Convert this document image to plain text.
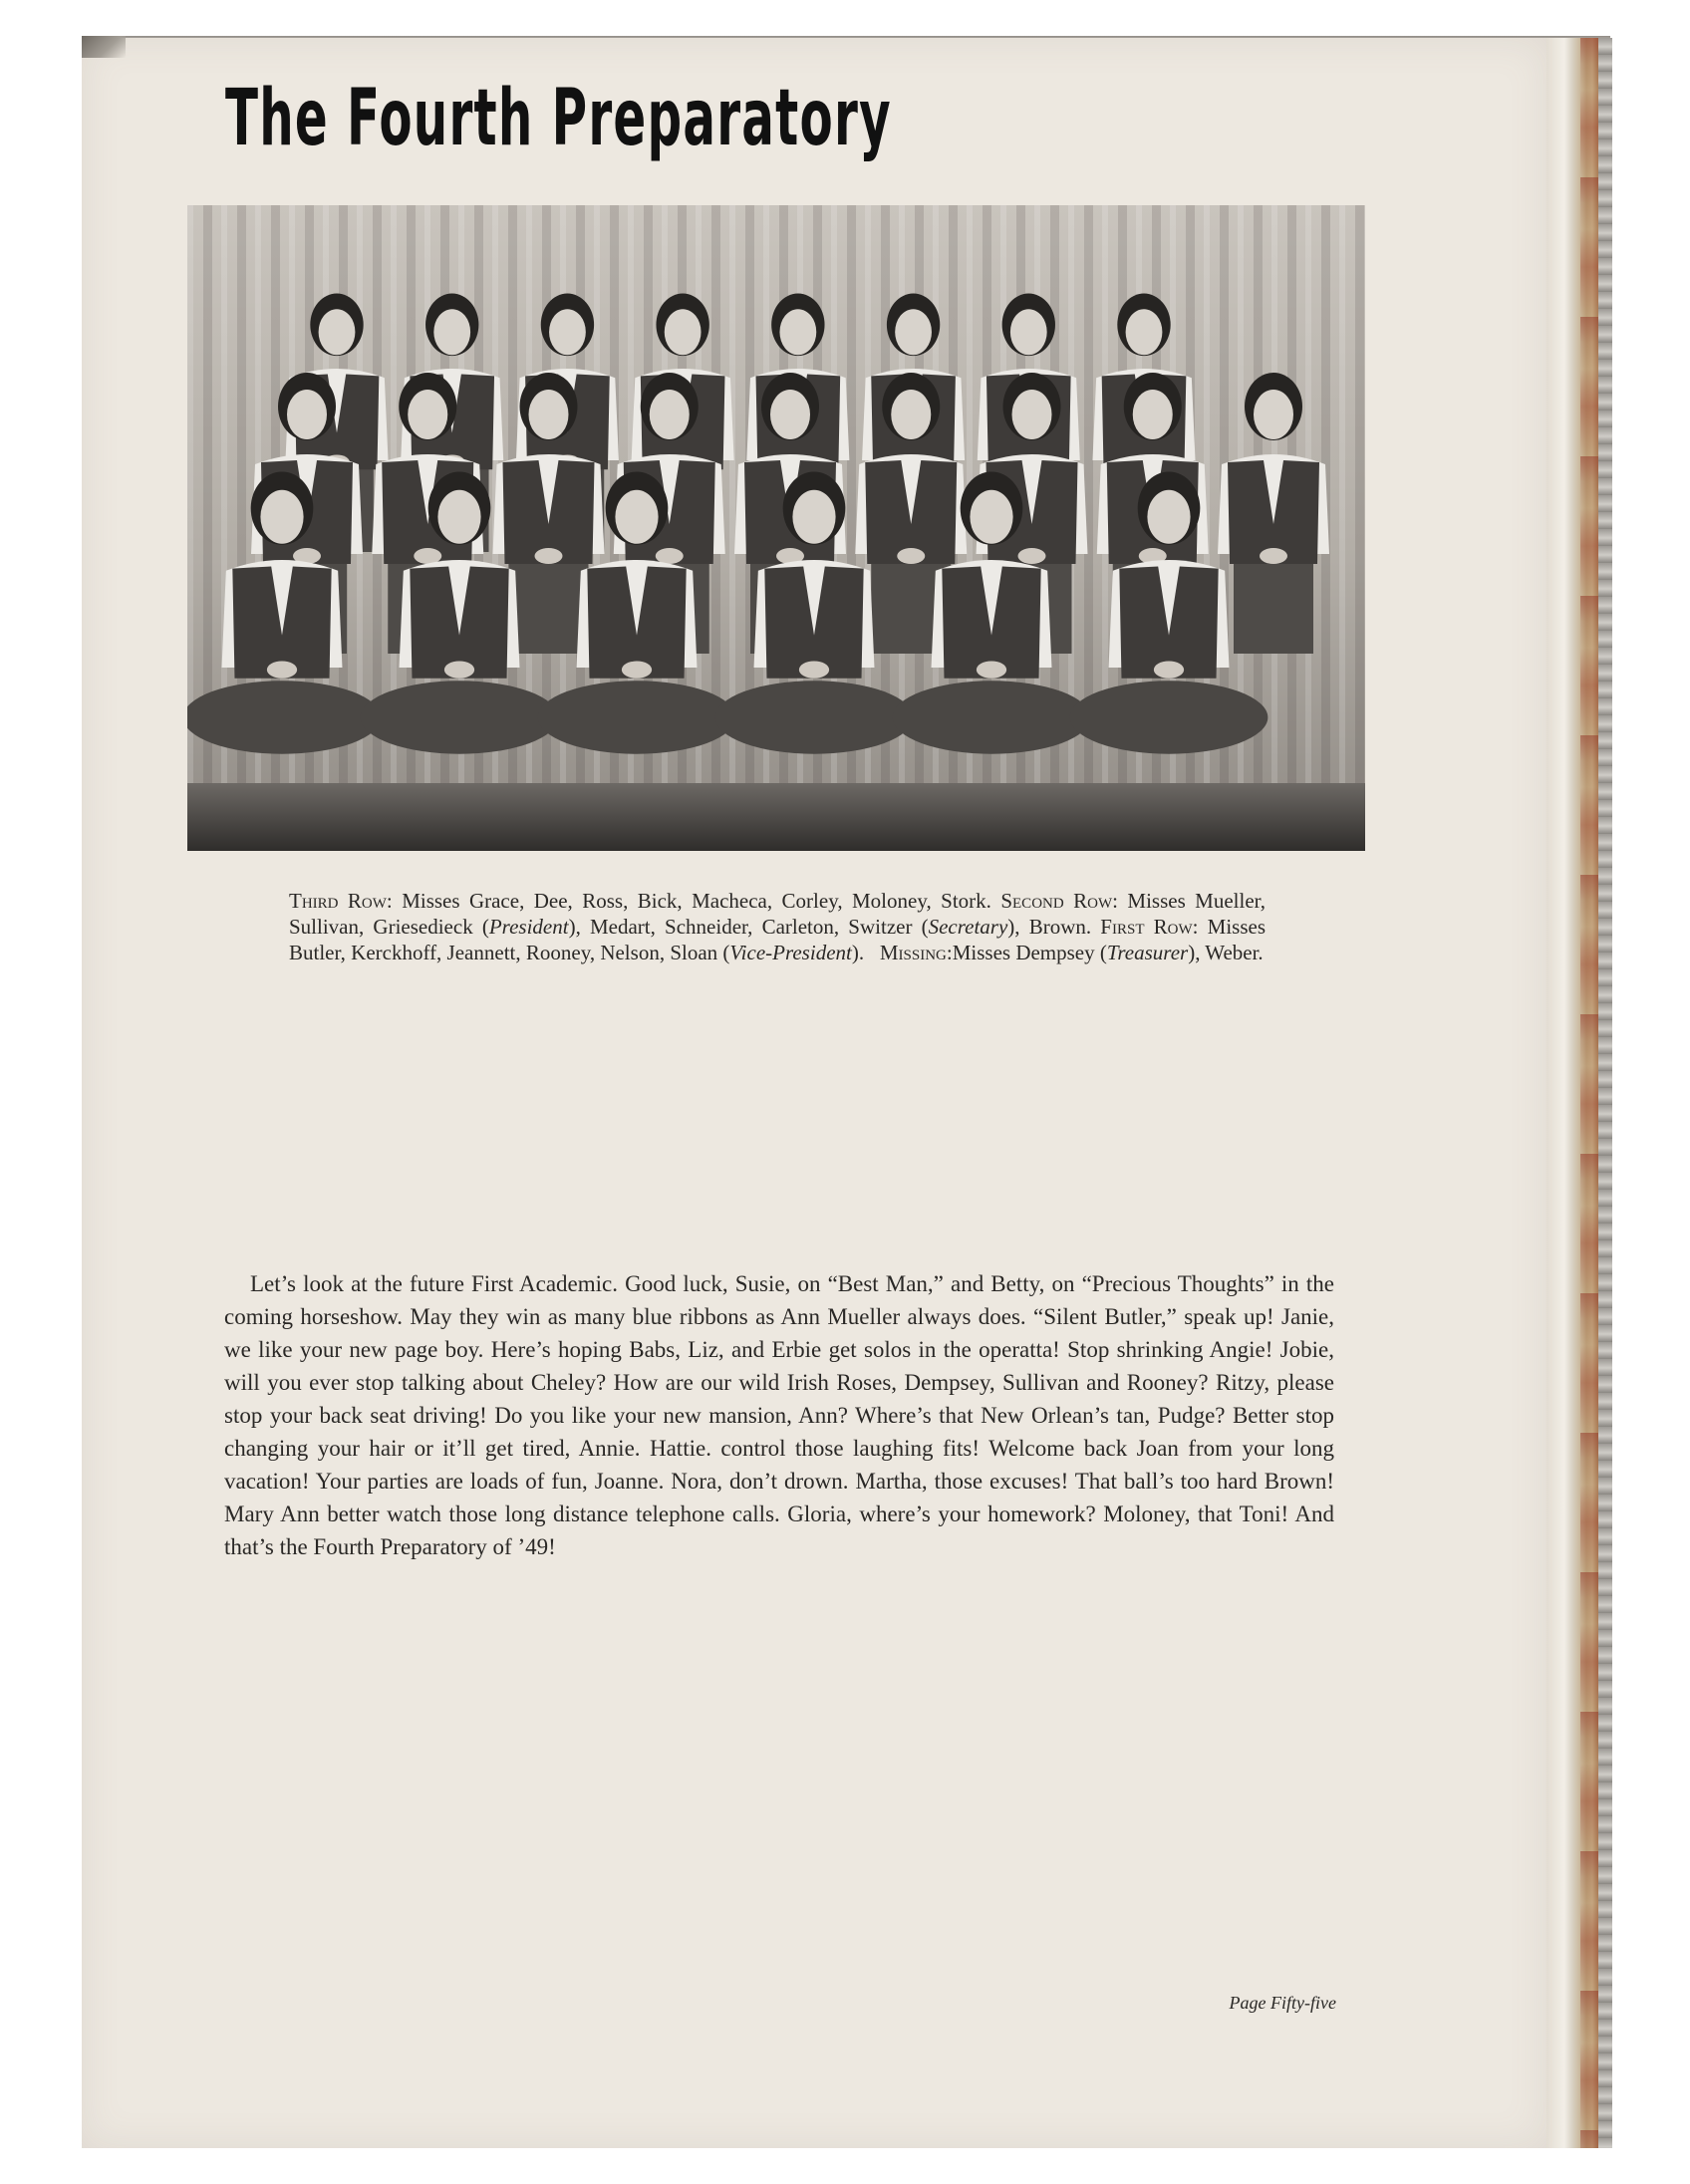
The Fourth Preparatory

Third Row: Misses Grace, Dee, Ross, Bick, Macheca, Corley, Moloney, Stork. Second Row: Misses Mueller, Sullivan, Griesedieck (President), Medart, Schneider, Carleton, Switzer (Secretary), Brown. First Row: Misses Butler, Kerckhoff, Jeannett, Rooney, Nelson, Sloan (Vice-President). Missing:Misses Dempsey (Treasurer), Weber.

Let’s look at the future First Academic. Good luck, Susie, on “Best Man,” and Betty, on “Precious Thoughts” in the coming horseshow. May they win as many blue ribbons as Ann Mueller always does. “Silent Butler,” speak up! Janie, we like your new page boy. Here’s hoping Babs, Liz, and Erbie get solos in the operatta! Stop shrinking Angie! Jobie, will you ever stop talking about Cheley? How are our wild Irish Roses, Dempsey, Sullivan and Rooney? Ritzy, please stop your back seat driving! Do you like your new mansion, Ann? Where’s that New Orlean’s tan, Pudge? Better stop changing your hair or it’ll get tired, Annie. Hattie. control those laughing fits! Welcome back Joan from your long vacation! Your parties are loads of fun, Joanne. Nora, don’t drown. Martha, those excuses! That ball’s too hard Brown! Mary Ann better watch those long distance telephone calls. Gloria, where’s your homework? Moloney, that Toni! And that’s the Fourth Preparatory of ’49!

Page Fifty-five
